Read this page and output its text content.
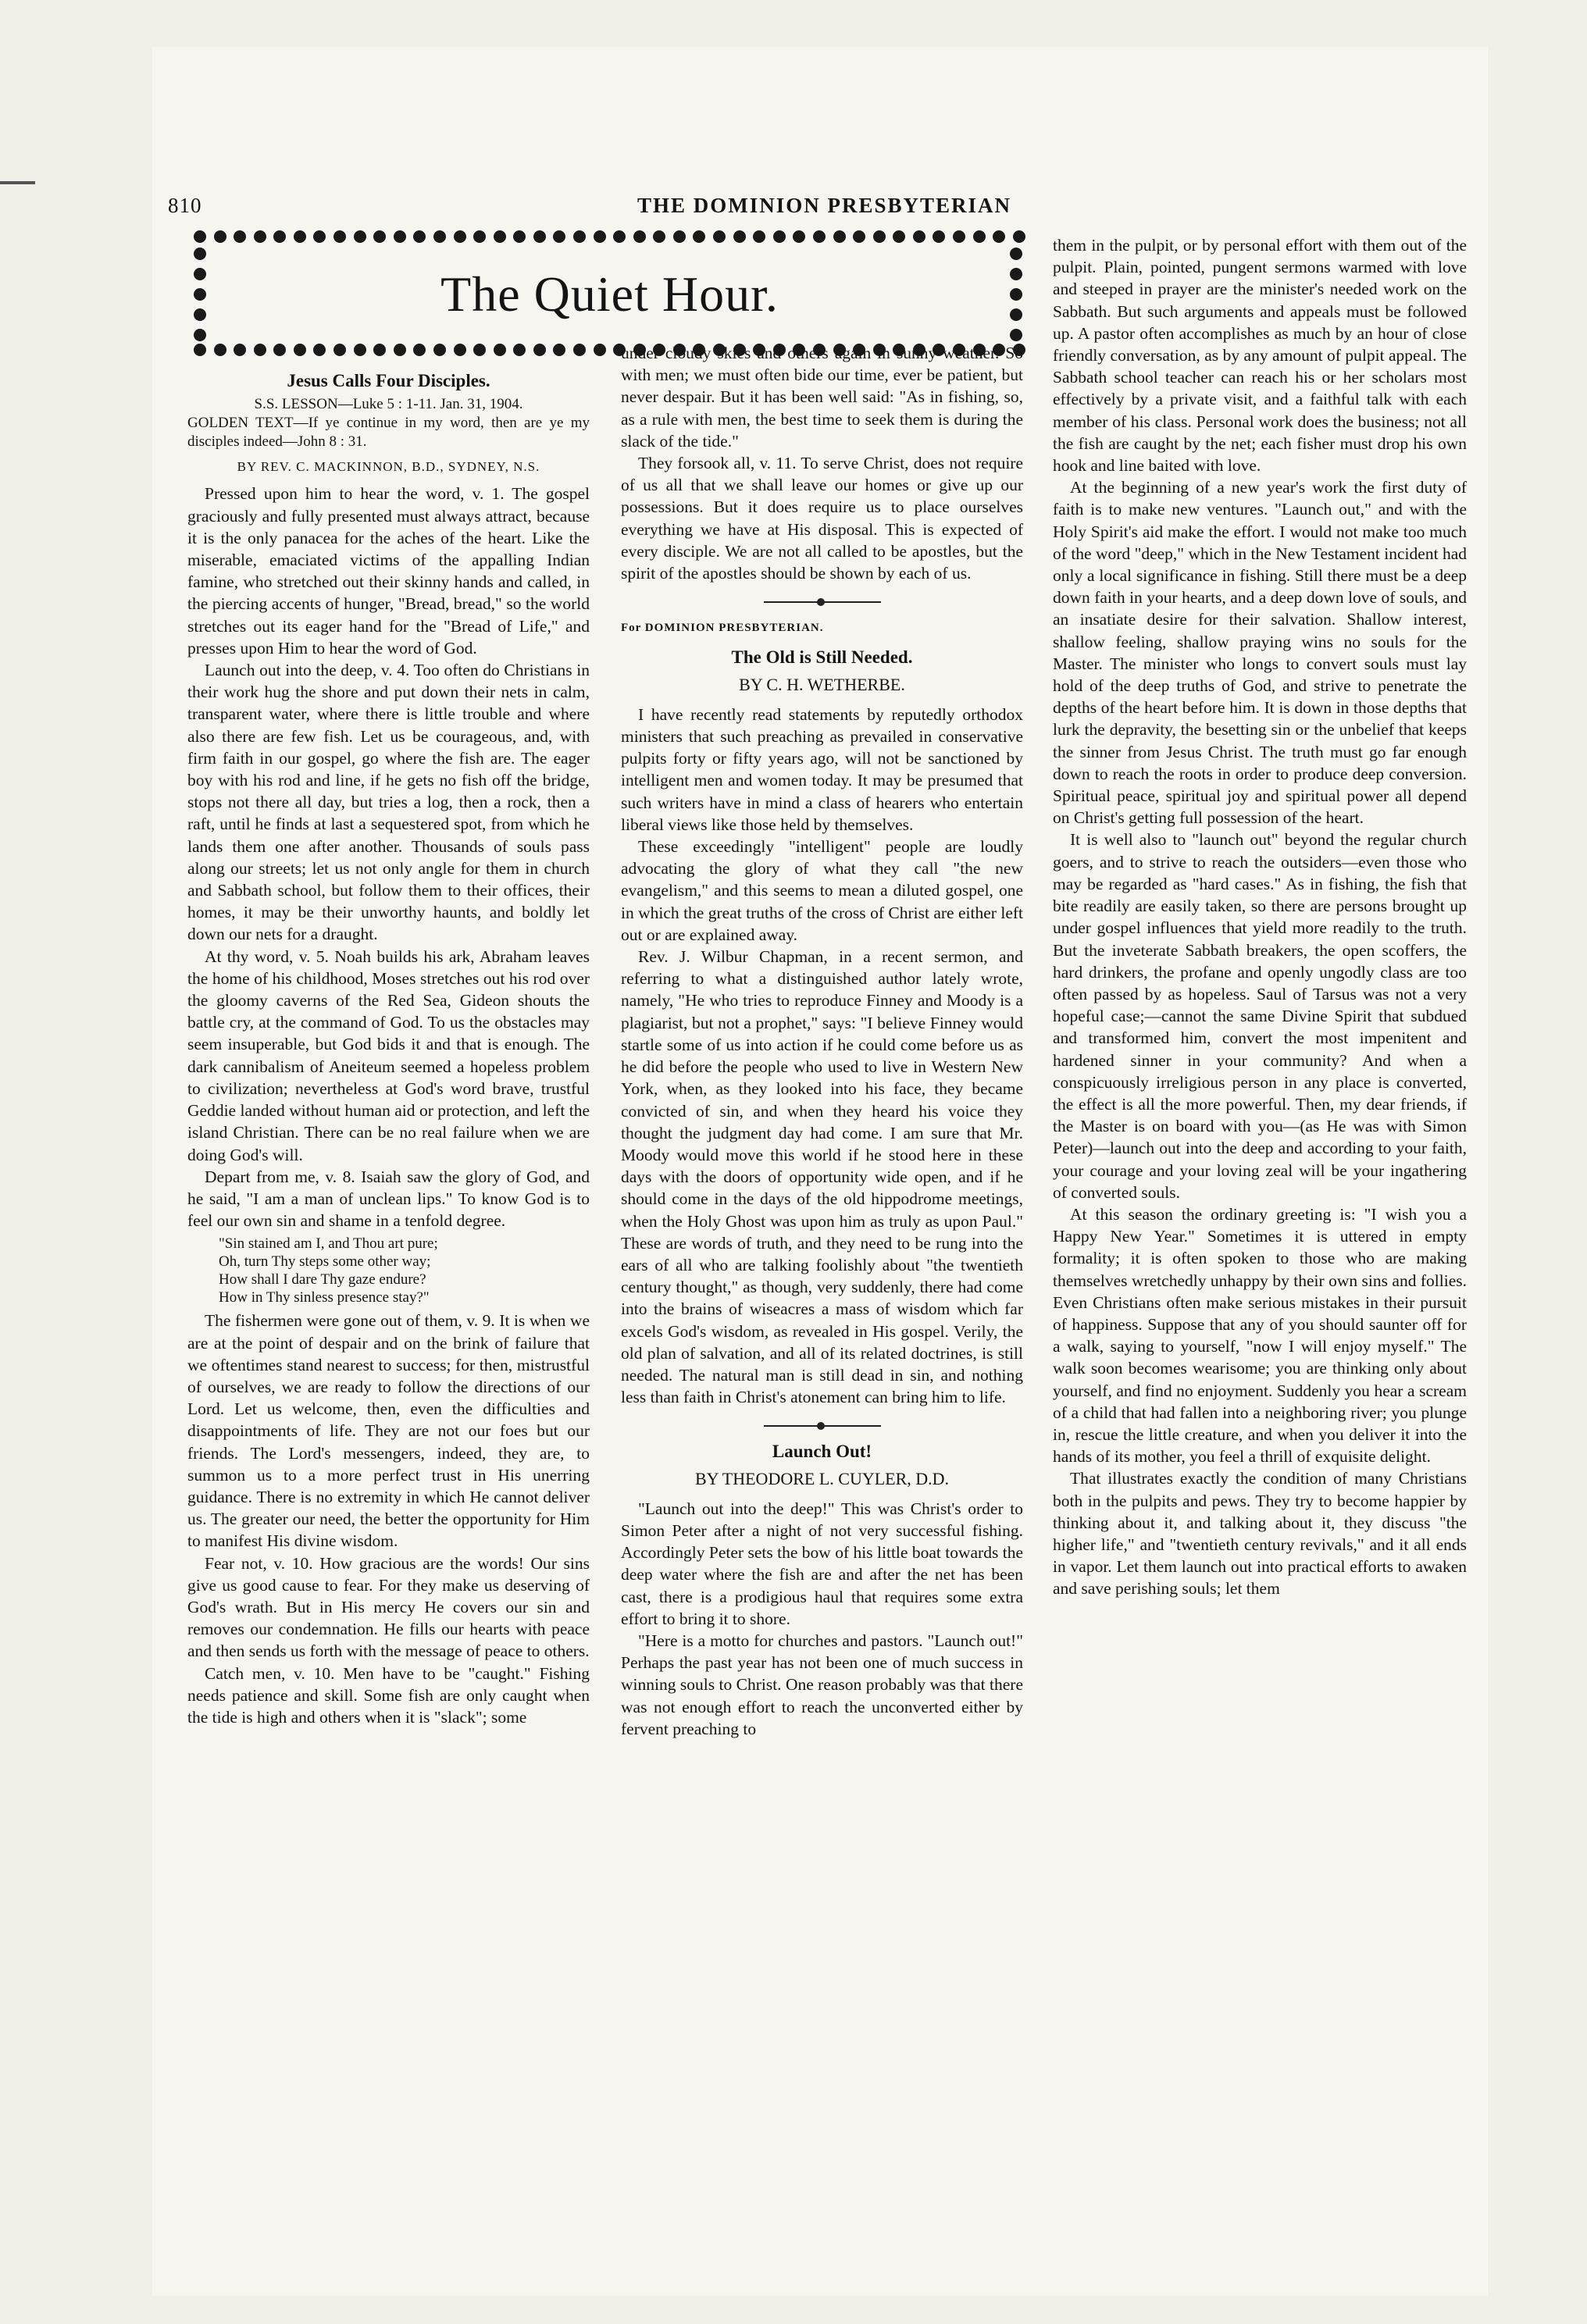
810	THE DOMINION PRESBYTERIAN
The Quiet Hour.
Jesus Calls Four Disciples.
S.S. LESSON—Luke 5 : 1-11. Jan. 31, 1904.
GOLDEN TEXT—If ye continue in my word, then are ye my disciples indeed—John 8 : 31.
BY REV. C. MACKINNON, B.D., SYDNEY, N.S.

Pressed upon him to hear the word, v. 1. The gospel graciously and fully presented must always attract, because it is the only panacea for the aches of the heart. Like the miserable, emaciated victims of the appalling Indian famine, who stretched out their skinny hands and called, in the piercing accents of hunger, "Bread, bread," so the world stretches out its eager hand for the "Bread of Life," and presses upon Him to hear the word of God.

Launch out into the deep, v. 4. Too often do Christians in their work hug the shore and put down their nets in calm, transparent water, where there is little trouble and where also there are few fish. Let us be courageous, and, with firm faith in our gospel, go where the fish are. The eager boy with his rod and line, if he gets no fish off the bridge, stops not there all day, but tries a log, then a rock, then a raft, until he finds at last a sequestered spot, from which he lands them one after another. Thousands of souls pass along our streets; let us not only angle for them in church and Sabbath school, but follow them to their offices, their homes, it may be their unworthy haunts, and boldly let down our nets for a draught.

At thy word, v. 5. Noah builds his ark, Abraham leaves the home of his childhood, Moses stretches out his rod over the gloomy caverns of the Red Sea, Gideon shouts the battle cry, at the command of God. To us the obstacles may seem insuperable, but God bids it and that is enough. The dark cannibalism of Aneiteum seemed a hopeless problem to civilization; nevertheless at God's word brave, trustful Geddie landed without human aid or protection, and left the island Christian. There can be no real failure when we are doing God's will.

Depart from me, v. 8. Isaiah saw the glory of God, and he said, "I am a man of unclean lips." To know God is to feel our own sin and shame in a tenfold degree.

"Sin stained am I, and Thou art pure;
Oh, turn Thy steps some other way;
How shall I dare Thy gaze endure?
How in Thy sinless presence stay?"

The fishermen were gone out of them, v. 9. It is when we are at the point of despair and on the brink of failure that we oftentimes stand nearest to success; for then, mistrustful of ourselves, we are ready to follow the directions of our Lord. Let us welcome, then, even the difficulties and disappointments of life. They are not our foes but our friends. The Lord's messengers, indeed, they are, to summon us to a more perfect trust in His unerring guidance. There is no extremity in which He cannot deliver us. The greater our need, the better the opportunity for Him to manifest His divine wisdom.

Fear not, v. 10. How gracious are the words! Our sins give us good cause to fear. For they make us deserving of God's wrath. But in His mercy He covers our sin and removes our condemnation. He fills our hearts with peace and then sends us forth with the message of peace to others.

Catch men, v. 10. Men have to be "caught." Fishing needs patience and skill. Some fish are only caught when the tide is high and others when it is "slack"; some

under cloudy skies and others again in sunny weather. So with men; we must often bide our time, ever be patient, but never despair. But it has been well said: "As in fishing, so, as a rule with men, the best time to seek them is during the slack of the tide."

They forsook all, v. 11. To serve Christ, does not require of us all that we shall leave our homes or give up our possessions. But it does require us to place ourselves everything we have at His disposal. This is expected of every disciple. We are not all called to be apostles, but the spirit of the apostles should be shown by each of us.

For DOMINION PRESBYTERIAN.
The Old is Still Needed.
BY C. H. WETHERBE.

I have recently read statements by reputedly orthodox ministers that such preaching as prevailed in conservative pulpits forty or fifty years ago, will not be sanctioned by intelligent men and women today. It may be presumed that such writers have in mind a class of hearers who entertain liberal views like those held by themselves.

These exceedingly "intelligent" people are loudly advocating the glory of what they call "the new evangelism," and this seems to mean a diluted gospel, one in which the great truths of the cross of Christ are either left out or are explained away.

Rev. J. Wilbur Chapman, in a recent sermon, and referring to what a distinguished author lately wrote, namely, "He who tries to reproduce Finney and Moody is a plagiarist, but not a prophet," says: "I believe Finney would startle some of us into action if he could come before us as he did before the people who used to live in Western New York, when, as they looked into his face, they became convicted of sin, and when they heard his voice they thought the judgment day had come. I am sure that Mr. Moody would move this world if he stood here in these days with the doors of opportunity wide open, and if he should come in the days of the old hippodrome meetings, when the Holy Ghost was upon him as truly as upon Paul." These are words of truth, and they need to be rung into the ears of all who are talking foolishly about "the twentieth century thought," as though, very suddenly, there had come into the brains of wiseacres a mass of wisdom which far excels God's wisdom, as revealed in His gospel. Verily, the old plan of salvation, and all of its related doctrines, is still needed. The natural man is still dead in sin, and nothing less than faith in Christ's atonement can bring him to life.

Launch Out!
BY THEODORE L. CUYLER, D.D.

"Launch out into the deep!" This was Christ's order to Simon Peter after a night of not very successful fishing. Accordingly Peter sets the bow of his little boat towards the deep water where the fish are and after the net has been cast, there is a prodigious haul that requires some extra effort to bring it to shore.

"Here is a motto for churches and pastors. "Launch out!" Perhaps the past year has not been one of much success in winning souls to Christ. One reason probably was that there was not enough effort to reach the unconverted either by fervent preaching to

them in the pulpit, or by personal effort with them out of the pulpit. Plain, pointed, pungent sermons warmed with love and steeped in prayer are the minister's needed work on the Sabbath. But such arguments and appeals must be followed up. A pastor often accomplishes as much by an hour of close friendly conversation, as by any amount of pulpit appeal. The Sabbath school teacher can reach his or her scholars most effectively by a private visit, and a faithful talk with each member of his class. Personal work does the business; not all the fish are caught by the net; each fisher must drop his own hook and line baited with love.

At the beginning of a new year's work the first duty of faith is to make new ventures. "Launch out," and with the Holy Spirit's aid make the effort. I would not make too much of the word "deep," which in the New Testament incident had only a local significance in fishing. Still there must be a deep down faith in your hearts, and a deep down love of souls, and an insatiate desire for their salvation. Shallow interest, shallow feeling, shallow praying wins no souls for the Master. The minister who longs to convert souls must lay hold of the deep truths of God, and strive to penetrate the depths of the heart before him. It is down in those depths that lurk the depravity, the besetting sin or the unbelief that keeps the sinner from Jesus Christ. The truth must go far enough down to reach the roots in order to produce deep conversion. Spiritual peace, spiritual joy and spiritual power all depend on Christ's getting full possession of the heart.

It is well also to "launch out" beyond the regular church goers, and to strive to reach the outsiders—even those who may be regarded as "hard cases." As in fishing, the fish that bite readily are easily taken, so there are persons brought up under gospel influences that yield more readily to the truth. But the inveterate Sabbath breakers, the open scoffers, the hard drinkers, the profane and openly ungodly class are too often passed by as hopeless. Saul of Tarsus was not a very hopeful case;—cannot the same Divine Spirit that subdued and transformed him, convert the most impenitent and hardened sinner in your community? And when a conspicuously irreligious person in any place is converted, the effect is all the more powerful. Then, my dear friends, if the Master is on board with you—(as He was with Simon Peter)—launch out into the deep and according to your faith, your courage and your loving zeal will be your ingathering of converted souls.

At this season the ordinary greeting is: "I wish you a Happy New Year." Sometimes it is uttered in empty formality; it is often spoken to those who are making themselves wretchedly unhappy by their own sins and follies. Even Christians often make serious mistakes in their pursuit of happiness. Suppose that any of you should saunter off for a walk, saying to yourself, "now I will enjoy myself." The walk soon becomes wearisome; you are thinking only about yourself, and find no enjoyment. Suddenly you hear a scream of a child that had fallen into a neighboring river; you plunge in, rescue the little creature, and when you deliver it into the hands of its mother, you feel a thrill of exquisite delight.

That illustrates exactly the condition of many Christians both in the pulpits and pews. They try to become happier by thinking about it, and talking about it, they discuss "the higher life," and "twentieth century revivals," and it all ends in vapor. Let them launch out into practical efforts to awaken and save perishing souls; let them
